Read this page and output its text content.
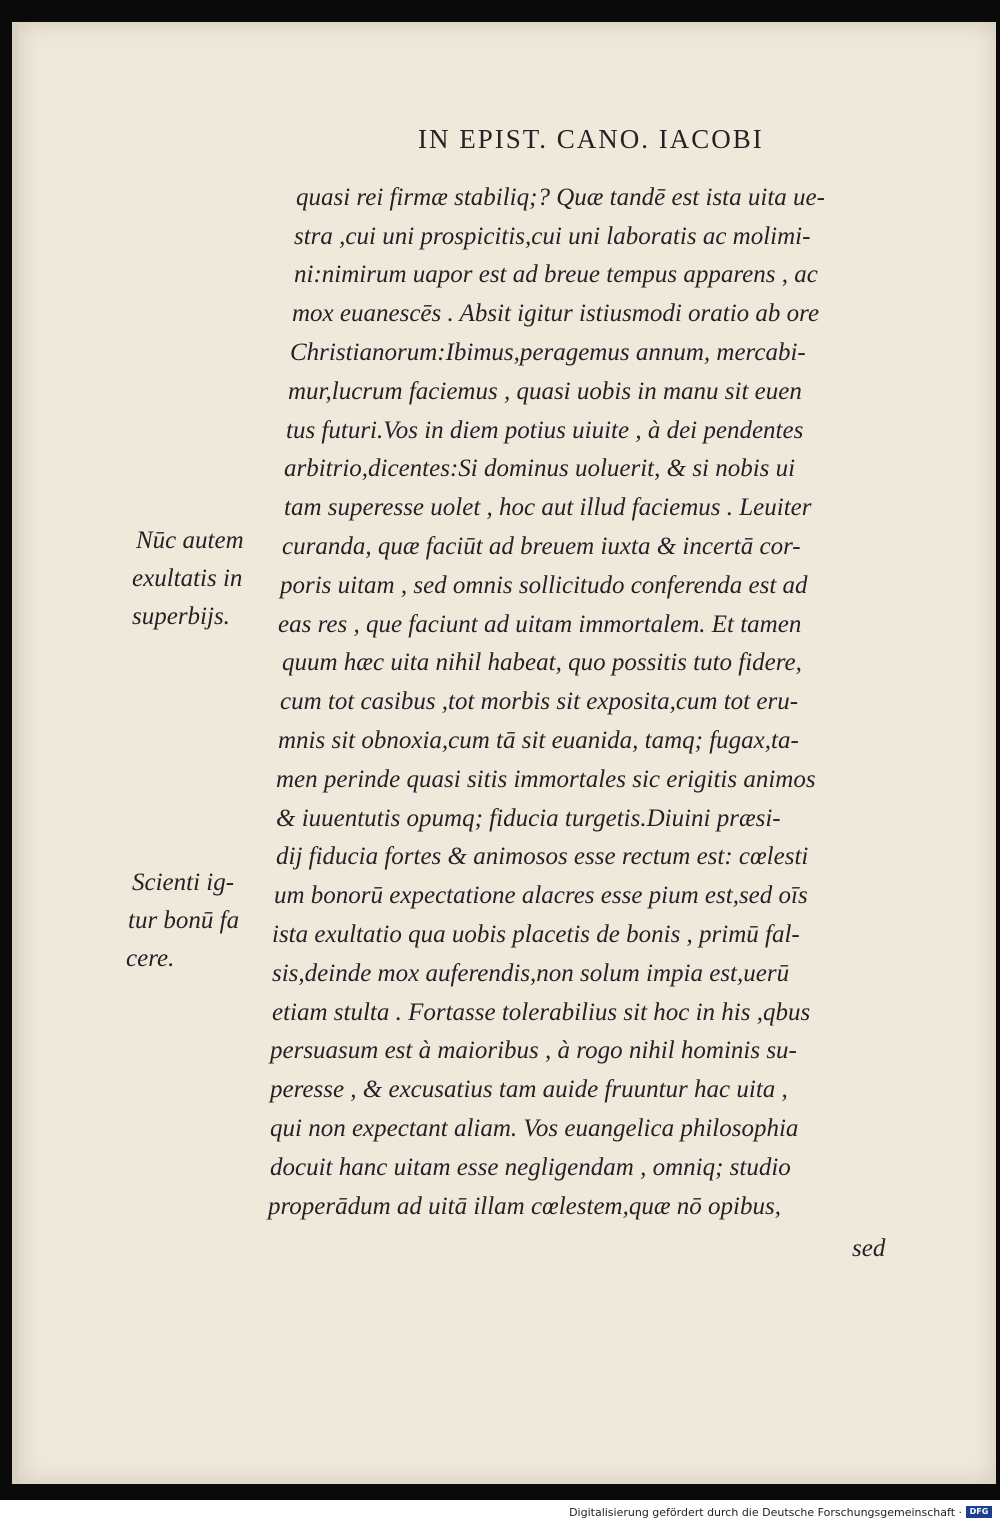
IN EPIST. CANO. IACOBI
quasi rei firmæ stabiliq;? Quæ tandē est ista uita ue-
stra ,cui uni prospicitis,cui uni laboratis ac molimi-
ni:nimirum uapor est ad breue tempus apparens , ac
mox euanescēs . Absit igitur istiusmodi oratio ab ore
Christianorum:Ibimus,peragemus annum, mercabi-
mur,lucrum faciemus , quasi uobis in manu sit euen
tus futuri.Vos in diem potius uiuite , à dei pendentes
arbitrio,dicentes:Si dominus uoluerit, & si nobis ui
tam superesse uolet , hoc aut illud faciemus . Leuiter
curanda, quæ faciūt ad breuem iuxta & incertā cor-
poris uitam , sed omnis sollicitudo conferenda est ad
eas res , que faciunt ad uitam immortalem. Et tamen
quum hæc uita nihil habeat, quo possitis tuto fidere,
cum tot casibus ,tot morbis sit exposita,cum tot eru-
mnis sit obnoxia,cum tā sit euanida, tamq; fugax,ta-
men perinde quasi sitis immortales sic erigitis animos
& iuuentutis opumq; fiducia turgetis.Diuini præsi-
dij fiducia fortes & animosos esse rectum est: cœlesti
um bonorū expectatione alacres esse pium est,sed oīs
ista exultatio qua uobis placetis de bonis , primū fal-
sis,deinde mox auferendis,non solum impia est,uerū
etiam stulta . Fortasse tolerabilius sit hoc in his ,qbus
persuasum est à maioribus , à rogo nihil hominis su-
peresse , & excusatius tam auide fruuntur hac uita ,
qui non expectant aliam. Vos euangelica philosophia
docuit hanc uitam esse negligendam , omniq; studio
properādum ad uitā illam cœlestem,quæ nō opibus,
sed
Nūc autem
exultatis in
superbijs.
Scienti ig-
tur bonū fa
cere.
Digitalisierung gefördert durch die Deutsche Forschungsgemeinschaft · DFG
